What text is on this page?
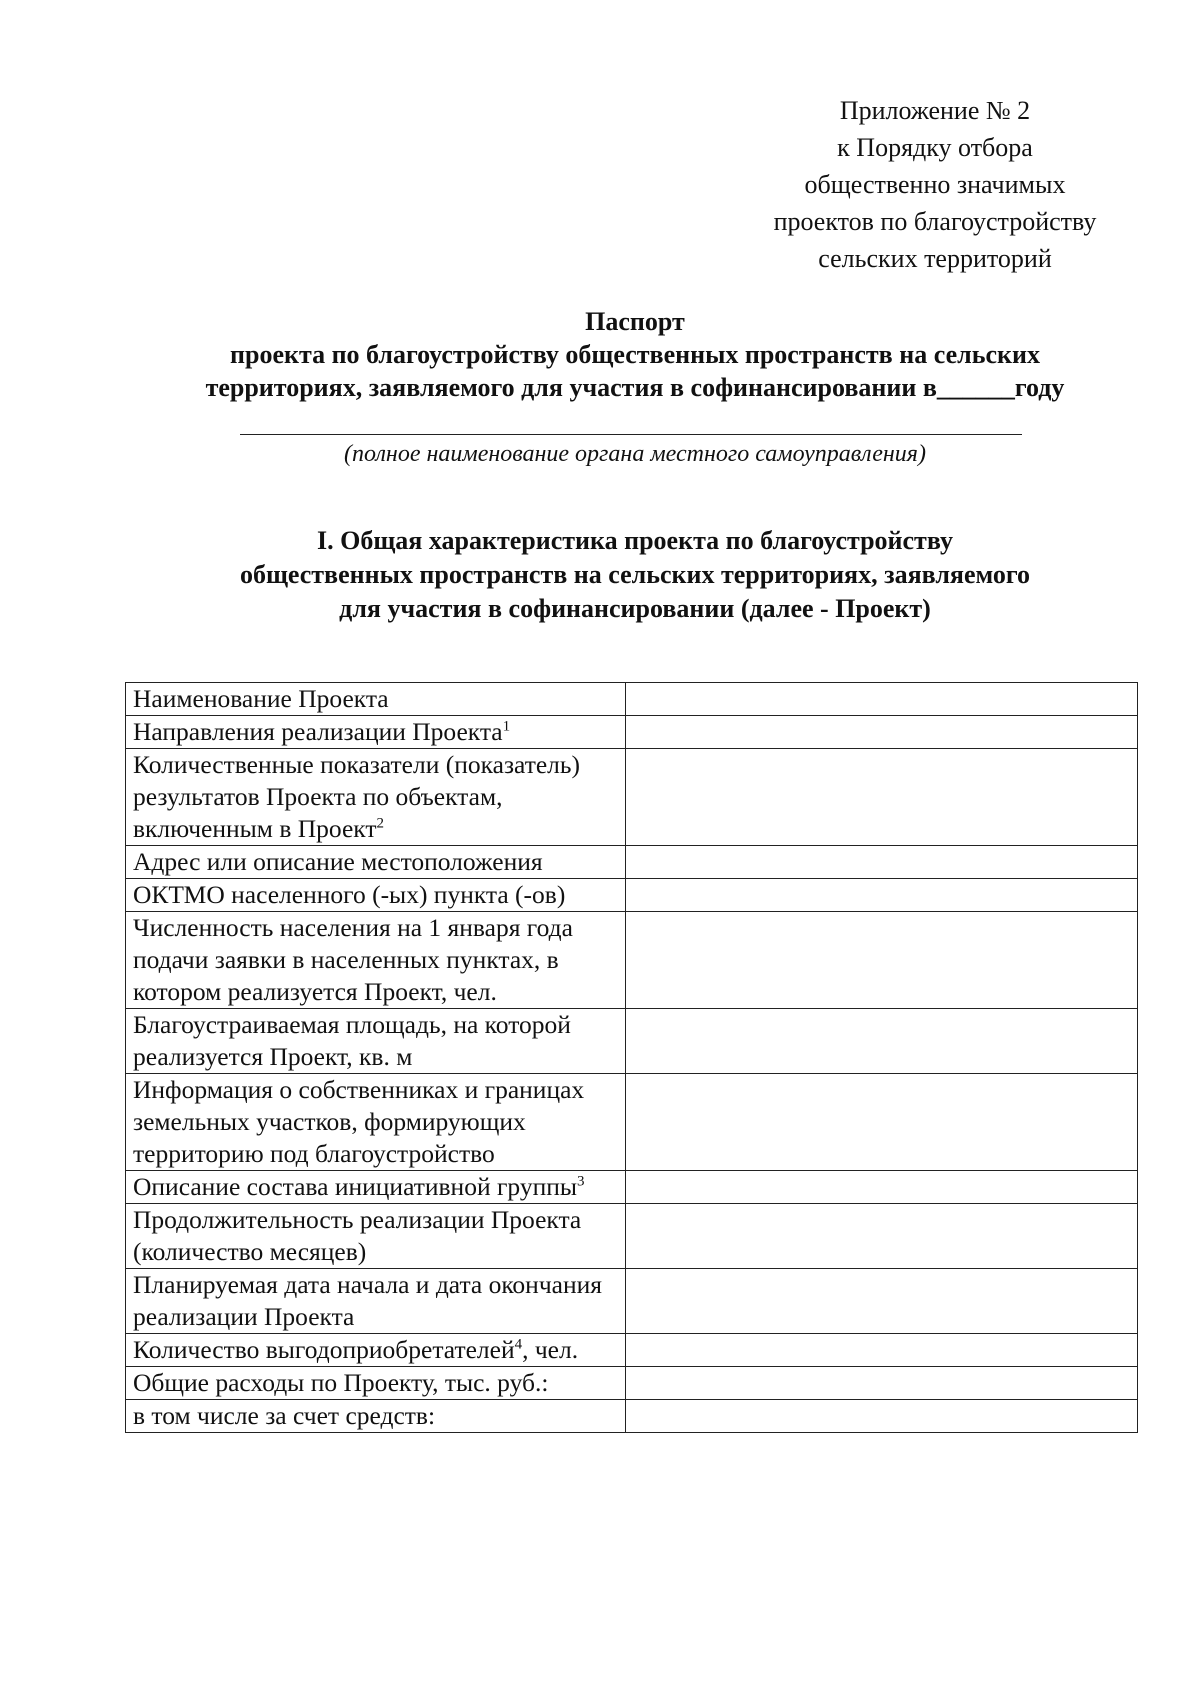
Приложение № 2
к Порядку отбора
общественно значимых
проектов по благоустройству
сельских территорий
Паспорт
проекта по благоустройству общественных пространств на сельских
территориях, заявляемого для участия в софинансировании в______году
(полное наименование органа местного самоуправления)
I. Общая характеристика проекта по благоустройству
общественных пространств на сельских территориях, заявляемого
для участия в софинансировании (далее - Проект)
Наименование Проекта	
Направления реализации Проекта$^1$	
Количественные показатели (показатель) результатов Проекта по объектам, включенным в Проект$^2$	
Адрес или описание местоположения	
ОКТМО населенного (-ых) пункта (-ов)	
Численность населения на 1 января года подачи заявки в населенных пунктах, в котором реализуется Проект, чел.	
Благоустраиваемая площадь, на которой реализуется Проект, кв. м	
Информация о собственниках и границах земельных участков, формирующих территорию под благоустройство	
Описание состава инициативной группы$^3$	
Продолжительность реализации Проекта (количество месяцев)	
Планируемая дата начала и дата окончания реализации Проекта	
Количество выгодоприобретателей$^4$, чел.	
Общие расходы по Проекту, тыс. руб.:	
в том числе за счет средств:	
